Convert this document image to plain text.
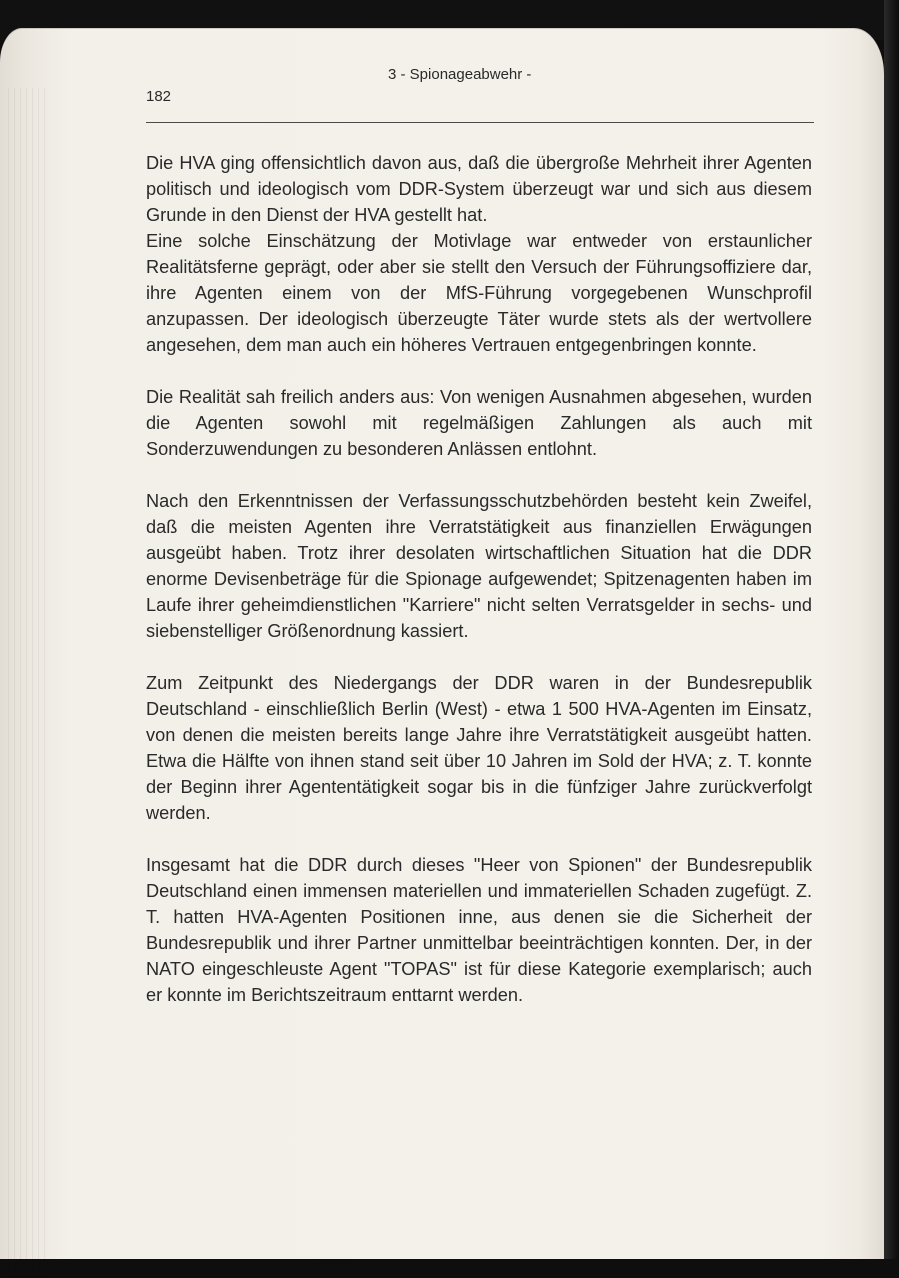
182
3 - Spionageabwehr -

Die HVA ging offensichtlich davon aus, daß die übergroße Mehrheit ihrer Agenten politisch und ideologisch vom DDR-System überzeugt war und sich aus diesem Grunde in den Dienst der HVA gestellt hat.

Eine solche Einschätzung der Motivlage war entweder von erstaunlicher Realitätsferne geprägt, oder aber sie stellt den Versuch der Führungsoffiziere dar, ihre Agenten einem von der MfS-Führung vorgegebenen Wunschprofil anzupassen. Der ideologisch überzeugte Täter wurde stets als der wertvollere angesehen, dem man auch ein höheres Vertrauen entgegenbringen konnte.

Die Realität sah freilich anders aus: Von wenigen Ausnahmen abgesehen, wurden die Agenten sowohl mit regelmäßigen Zahlungen als auch mit Sonderzuwendungen zu besonderen Anlässen entlohnt.

Nach den Erkenntnissen der Verfassungsschutzbehörden besteht kein Zweifel, daß die meisten Agenten ihre Verratstätigkeit aus finanziellen Erwägungen ausgeübt haben. Trotz ihrer desolaten wirtschaftlichen Situation hat die DDR enorme Devisenbeträge für die Spionage aufgewendet; Spitzenagenten haben im Laufe ihrer geheimdienstlichen "Karriere" nicht selten Verratsgelder in sechs- und siebenstelliger Größenordnung kassiert.

Zum Zeitpunkt des Niedergangs der DDR waren in der Bundesrepublik Deutschland - einschließlich Berlin (West) - etwa 1 500 HVA-Agenten im Einsatz, von denen die meisten bereits lange Jahre ihre Verratstätigkeit ausgeübt hatten. Etwa die Hälfte von ihnen stand seit über 10 Jahren im Sold der HVA; z. T. konnte der Beginn ihrer Agententätigkeit sogar bis in die fünfziger Jahre zurückverfolgt werden.

Insgesamt hat die DDR durch dieses "Heer von Spionen" der Bundesrepublik Deutschland einen immensen materiellen und immateriellen Schaden zugefügt. Z. T. hatten HVA-Agenten Positionen inne, aus denen sie die Sicherheit der Bundesrepublik und ihrer Partner unmittelbar beeinträchtigen konnten. Der, in der NATO eingeschleuste Agent "TOPAS" ist für diese Kategorie exemplarisch; auch er konnte im Berichtszeitraum enttarnt werden.
